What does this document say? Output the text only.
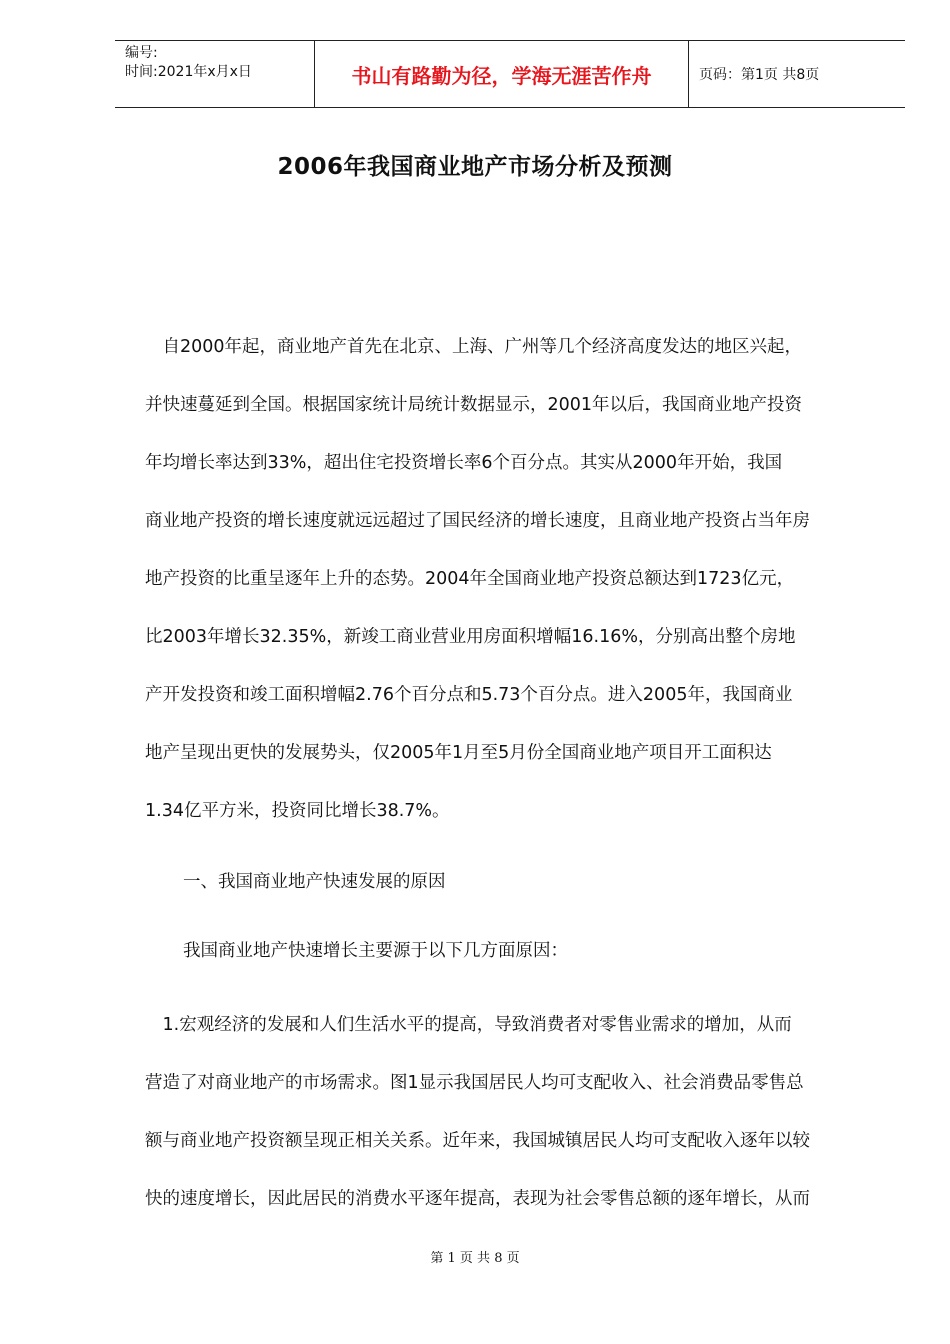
编号:
时间:2021年x月x日	书山有路勤为径，学海无涯苦作舟	页码：第1页 共8页
2006年我国商业地产市场分析及预测
　自2000年起，商业地产首先在北京、上海、广州等几个经济高度发达的地区兴起，
并快速蔓延到全国。根据国家统计局统计数据显示，2001年以后，我国商业地产投资
年均增长率达到33%，超出住宅投资增长率6个百分点。其实从2000年开始，我国
商业地产投资的增长速度就远远超过了国民经济的增长速度，且商业地产投资占当年房
地产投资的比重呈逐年上升的态势。2004年全国商业地产投资总额达到1723亿元，
比2003年增长32.35%，新竣工商业营业用房面积增幅16.16%，分别高出整个房地
产开发投资和竣工面积增幅2.76个百分点和5.73个百分点。进入2005年，我国商业
地产呈现出更快的发展势头，仅2005年1月至5月份全国商业地产项目开工面积达
1.34亿平方米，投资同比增长38.7%。
一、我国商业地产快速发展的原因
我国商业地产快速增长主要源于以下几方面原因：
　1.宏观经济的发展和人们生活水平的提高，导致消费者对零售业需求的增加，从而
营造了对商业地产的市场需求。图1显示我国居民人均可支配收入、社会消费品零售总
额与商业地产投资额呈现正相关关系。近年来，我国城镇居民人均可支配收入逐年以较
快的速度增长，因此居民的消费水平逐年提高，表现为社会零售总额的逐年增长，从而
第 1 页 共 8 页
